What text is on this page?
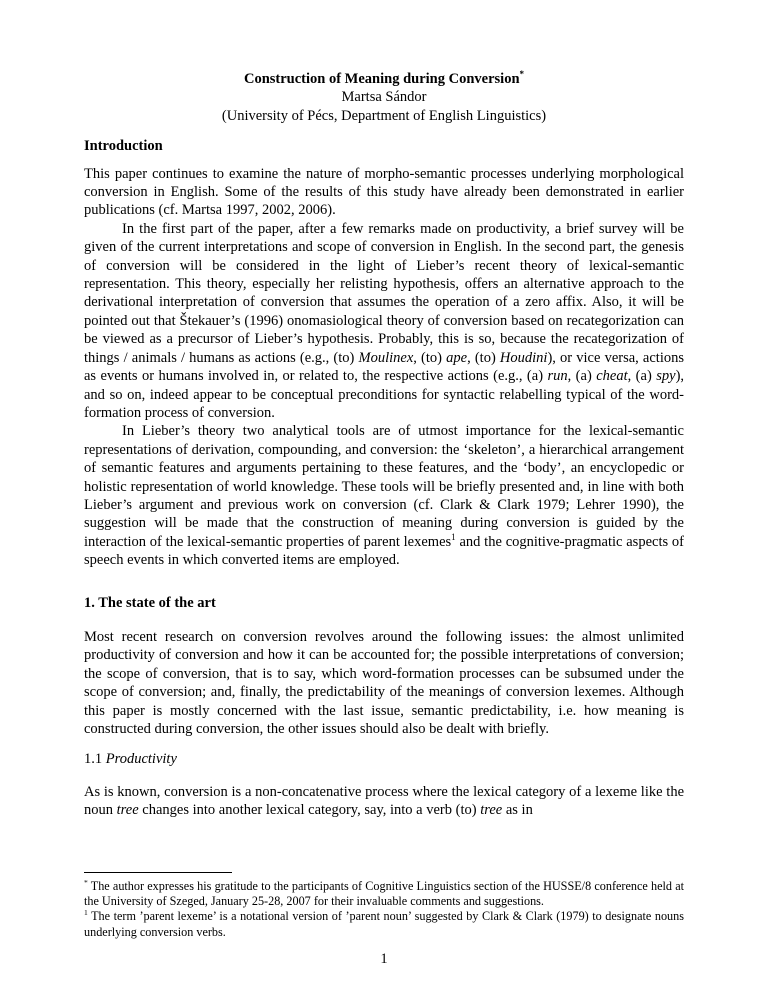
Construction of Meaning during Conversion*
Martsa Sándor
(University of Pécs, Department of English Linguistics)
Introduction
This paper continues to examine the nature of morpho-semantic processes underlying morphological conversion in English. Some of the results of this study have already been demonstrated in earlier publications (cf. Martsa 1997, 2002, 2006).
In the first part of the paper, after a few remarks made on productivity, a brief survey will be given of the current interpretations and scope of conversion in English. In the second part, the genesis of conversion will be considered in the light of Lieber’s recent theory of lexical-semantic representation. This theory, especially her relisting hypothesis, offers an alternative approach to the derivational interpretation of conversion that assumes the operation of a zero affix. Also, it will be pointed out that Štekauer’s (1996) onomasiological theory of conversion based on recategorization can be viewed as a precursor of Lieber’s hypothesis. Probably, this is so, because the recategorization of things / animals / humans as actions (e.g., (to) Moulinex, (to) ape, (to) Houdini), or vice versa, actions as events or humans involved in, or related to, the respective actions (e.g., (a) run, (a) cheat, (a) spy), and so on, indeed appear to be conceptual preconditions for syntactic relabelling typical of the word-formation process of conversion.
In Lieber’s theory two analytical tools are of utmost importance for the lexical-semantic representations of derivation, compounding, and conversion: the ‘skeleton’, a hierarchical arrangement of semantic features and arguments pertaining to these features, and the ‘body’, an encyclopedic or holistic representation of world knowledge. These tools will be briefly presented and, in line with both Lieber’s argument and previous work on conversion (cf. Clark & Clark 1979; Lehrer 1990), the suggestion will be made that the construction of meaning during conversion is guided by the interaction of the lexical-semantic properties of parent lexemes$^1$ and the cognitive-pragmatic aspects of speech events in which converted items are employed.
1. The state of the art
Most recent research on conversion revolves around the following issues: the almost unlimited productivity of conversion and how it can be accounted for; the possible interpretations of conversion; the scope of conversion, that is to say, which word-formation processes can be subsumed under the scope of conversion; and, finally, the predictability of the meanings of conversion lexemes. Although this paper is mostly concerned with the last issue, semantic predictability, i.e. how meaning is constructed during conversion, the other issues should also be dealt with briefly.
1.1 Productivity
As is known, conversion is a non-concatenative process where the lexical category of a lexeme like the noun tree changes into another lexical category, say, into a verb (to) tree as in
* The author expresses his gratitude to the participants of Cognitive Linguistics section of the HUSSE/8 conference held at the University of Szeged, January 25-28, 2007 for their invaluable comments and suggestions.
$^1$ The term ’parent lexeme’ is a notational version of ’parent noun’ suggested by Clark & Clark (1979) to designate nouns underlying conversion verbs.
1
